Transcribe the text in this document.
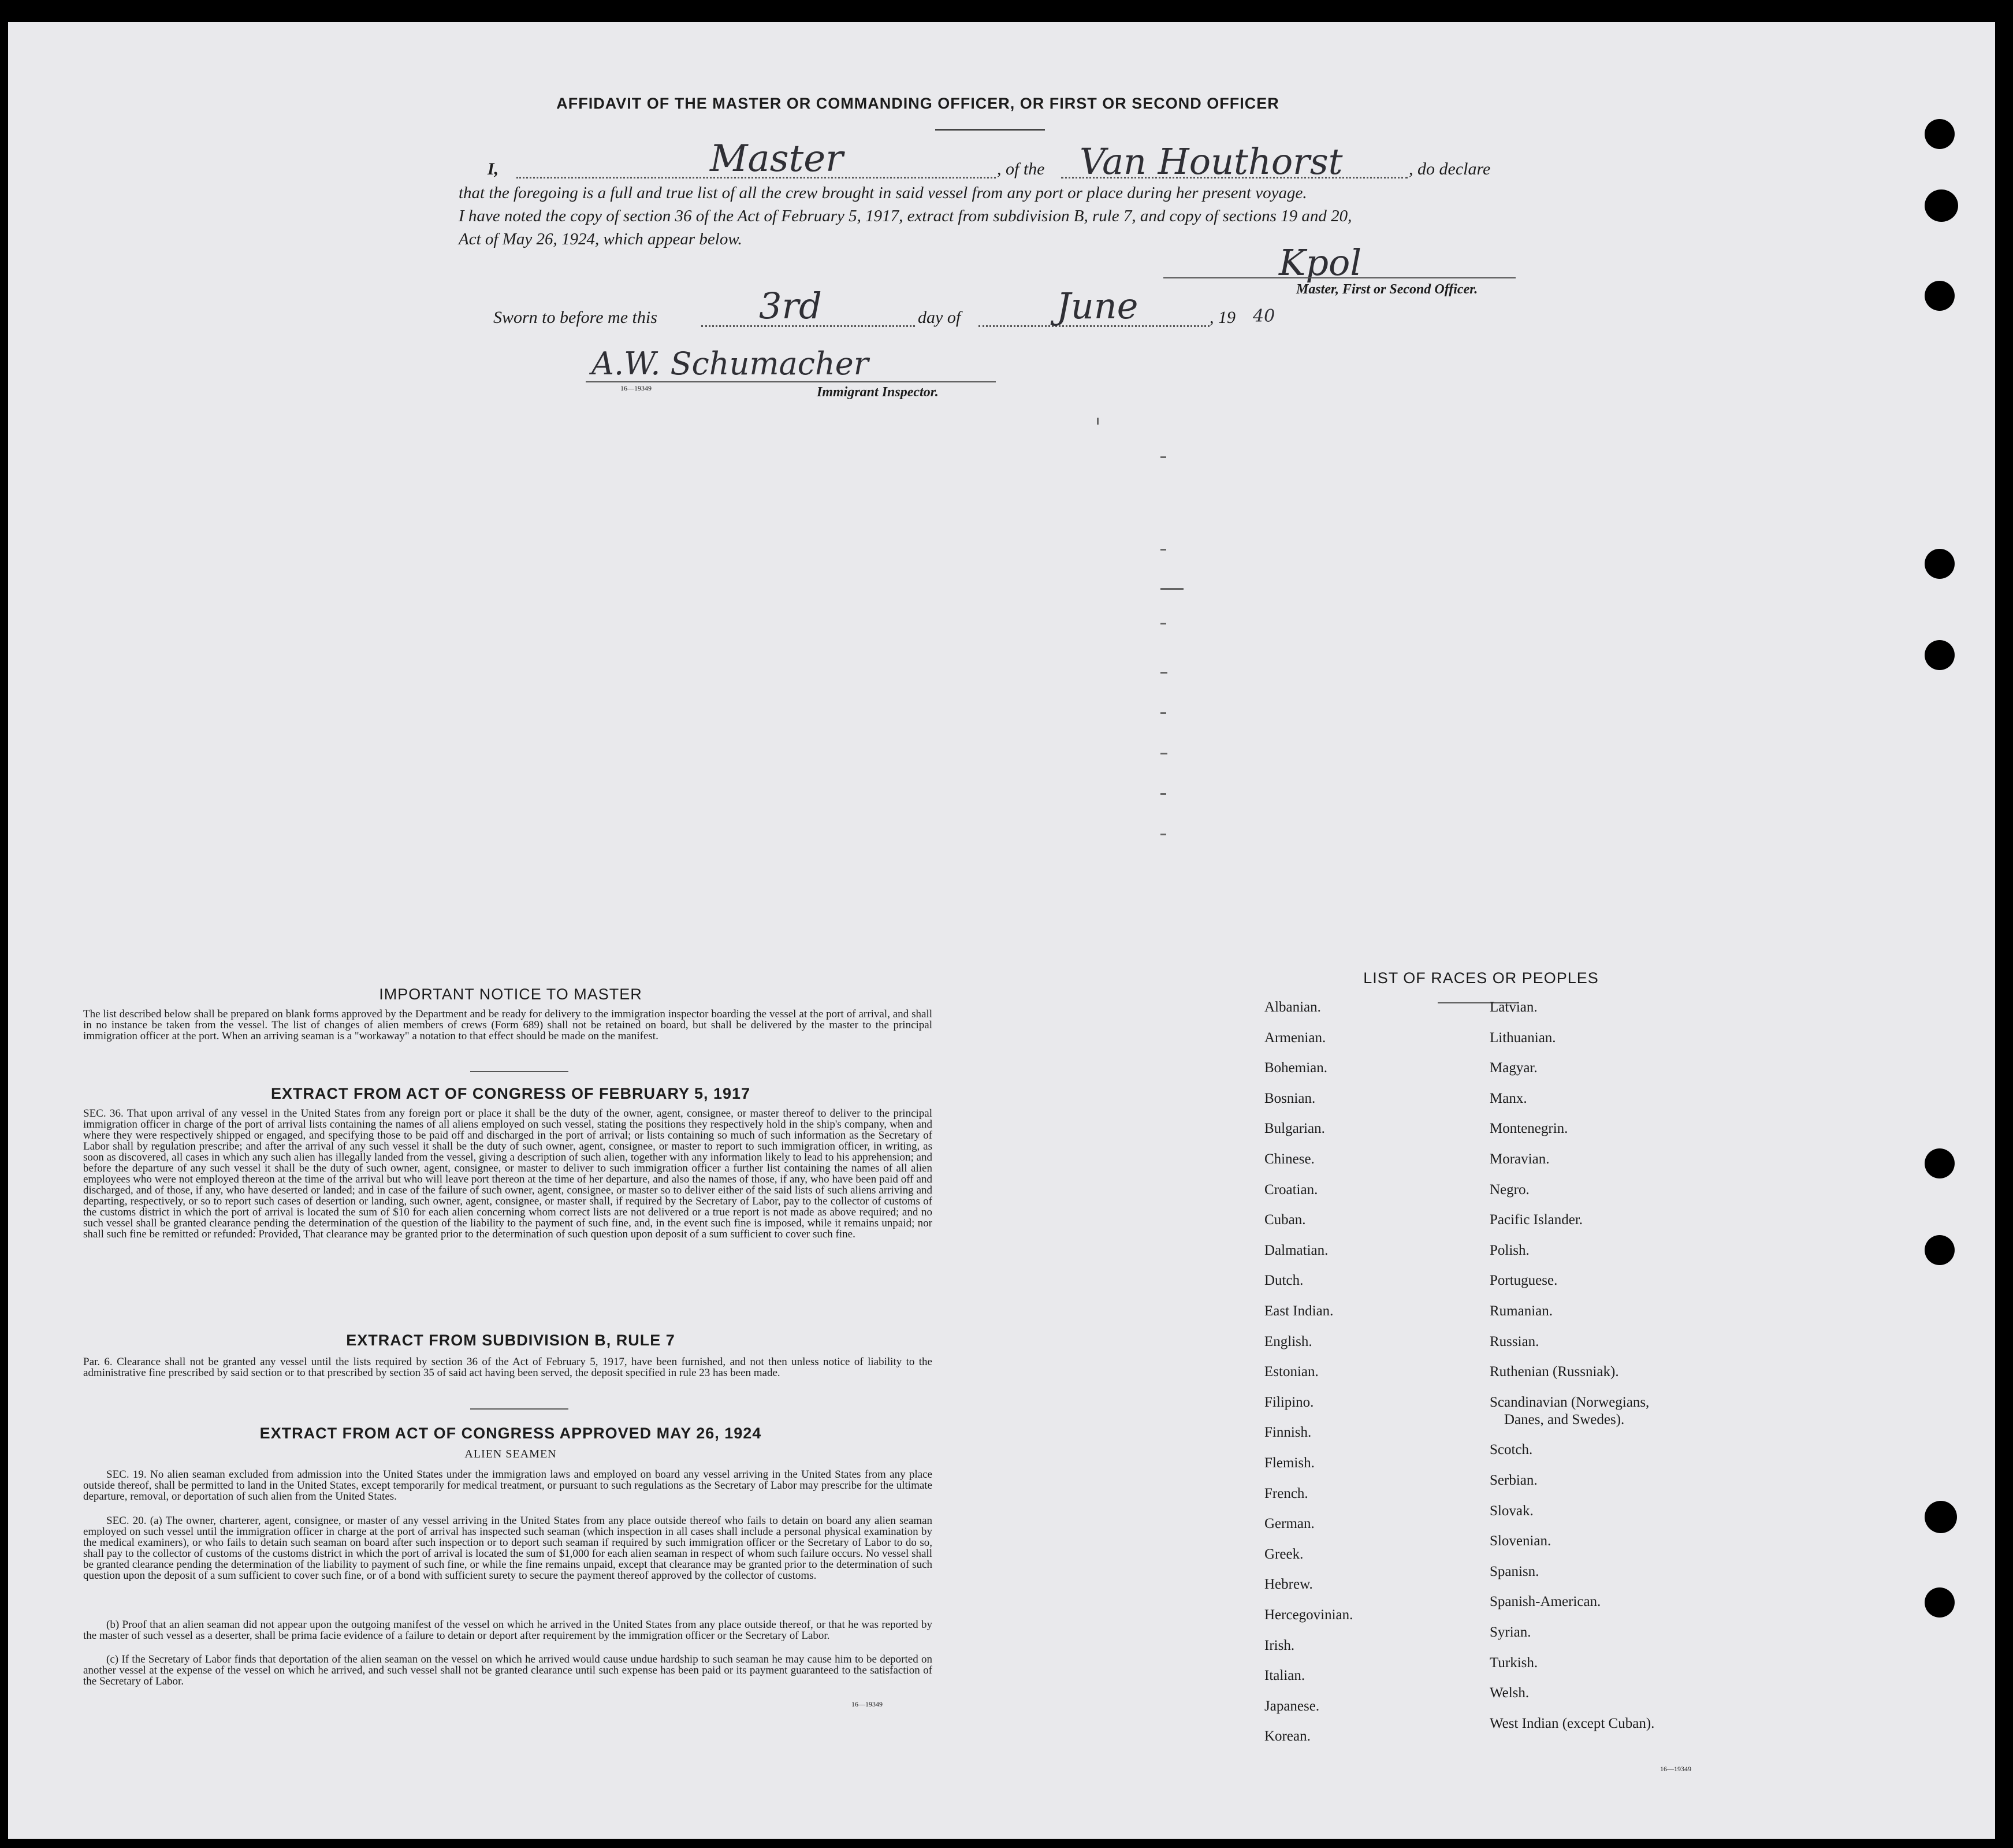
AFFIDAVIT OF THE MASTER OR COMMANDING OFFICER, OR FIRST OR SECOND OFFICER
I,	Master	, of the Van Houthorst	, do declare
that the foregoing is a full and true list of all the crew brought in said vessel from any port or place during her present voyage.
I have noted the copy of section 36 of the Act of February 5, 1917, extract from subdivision B, rule 7, and copy of sections 19 and 20,
Act of May 26, 1924, which appear below.
Kpol
Master, First or Second Officer.
Sworn to before me this	3rd	day of	June	, 19 40
A.W. Schumacher
16—19349	Immigrant Inspector.
IMPORTANT NOTICE TO MASTER
The list described below shall be prepared on blank forms approved by the Department and be ready for delivery to the immigration inspector boarding the vessel at the port of arrival, and shall in no instance be taken from the vessel. The list of changes of alien members of crews (Form 689) shall not be retained on board, but shall be delivered by the master to the principal immigration officer at the port. When an arriving seaman is a "workaway" a notation to that effect should be made on the manifest.
EXTRACT FROM ACT OF CONGRESS OF FEBRUARY 5, 1917
SEC. 36. That upon arrival of any vessel in the United States from any foreign port or place it shall be the duty of the owner, agent, consignee, or master thereof to deliver to the principal immigration officer in charge of the port of arrival lists containing the names of all aliens employed on such vessel, stating the positions they respectively hold in the ship's company, when and where they were respectively shipped or engaged, and specifying those to be paid off and discharged in the port of arrival; or lists containing so much of such information as the Secretary of Labor shall by regulation prescribe; and after the arrival of any such vessel it shall be the duty of such owner, agent, consignee, or master to report to such immigration officer, in writing, as soon as discovered, all cases in which any such alien has illegally landed from the vessel, giving a description of such alien, together with any information likely to lead to his apprehension; and before the departure of any such vessel it shall be the duty of such owner, agent, consignee, or master to deliver to such immigration officer a further list containing the names of all alien employees who were not employed thereon at the time of the arrival but who will leave port thereon at the time of her departure, and also the names of those, if any, who have been paid off and discharged, and of those, if any, who have deserted or landed; and in case of the failure of such owner, agent, consignee, or master so to deliver either of the said lists of such aliens arriving and departing, respectively, or so to report such cases of desertion or landing, such owner, agent, consignee, or master shall, if required by the Secretary of Labor, pay to the collector of customs of the customs district in which the port of arrival is located the sum of $10 for each alien concerning whom correct lists are not delivered or a true report is not made as above required; and no such vessel shall be granted clearance pending the determination of the question of the liability to the payment of such fine, and, in the event such fine is imposed, while it remains unpaid; nor shall such fine be remitted or refunded: Provided, That clearance may be granted prior to the determination of such question upon deposit of a sum sufficient to cover such fine.
EXTRACT FROM SUBDIVISION B, RULE 7
Par. 6. Clearance shall not be granted any vessel until the lists required by section 36 of the Act of February 5, 1917, have been furnished, and not then unless notice of liability to the administrative fine prescribed by said section or to that prescribed by section 35 of said act having been served, the deposit specified in rule 23 has been made.
EXTRACT FROM ACT OF CONGRESS APPROVED MAY 26, 1924
ALIEN SEAMEN
SEC. 19. No alien seaman excluded from admission into the United States under the immigration laws and employed on board any vessel arriving in the United States from any place outside thereof, shall be permitted to land in the United States, except temporarily for medical treatment, or pursuant to such regulations as the Secretary of Labor may prescribe for the ultimate departure, removal, or deportation of such alien from the United States.
SEC. 20. (a) The owner, charterer, agent, consignee, or master of any vessel arriving in the United States from any place outside thereof who fails to detain on board any alien seaman employed on such vessel until the immigration officer in charge at the port of arrival has inspected such seaman (which inspection in all cases shall include a personal physical examination by the medical examiners), or who fails to detain such seaman on board after such inspection or to deport such seaman if required by such immigration officer or the Secretary of Labor to do so, shall pay to the collector of customs of the customs district in which the port of arrival is located the sum of $1,000 for each alien seaman in respect of whom such failure occurs. No vessel shall be granted clearance pending the determination of the liability to payment of such fine, or while the fine remains unpaid, except that clearance may be granted prior to the determination of such question upon the deposit of a sum sufficient to cover such fine, or of a bond with sufficient surety to secure the payment thereof approved by the collector of customs.
(b) Proof that an alien seaman did not appear upon the outgoing manifest of the vessel on which he arrived in the United States from any place outside thereof, or that he was reported by the master of such vessel as a deserter, shall be prima facie evidence of a failure to detain or deport after requirement by the immigration officer or the Secretary of Labor.
(c) If the Secretary of Labor finds that deportation of the alien seaman on the vessel on which he arrived would cause undue hardship to such seaman he may cause him to be deported on another vessel at the expense of the vessel on which he arrived, and such vessel shall not be granted clearance until such expense has been paid or its payment guaranteed to the satisfaction of the Secretary of Labor.
16—19349
LIST OF RACES OR PEOPLES
16—19349
Albanian.
Armenian.
Bohemian.
Bosnian.
Bulgarian.
Chinese.
Croatian.
Cuban.
Dalmatian.
Dutch.
East Indian.
English.
Estonian.
Filipino.
Finnish.
Flemish.
French.
German.
Greek.
Hebrew.
Hercegovinian.
Irish.
Italian.
Japanese.
Korean.
Latvian.
Lithuanian.
Magyar.
Manx.
Montenegrin.
Moravian.
Negro.
Pacific Islander.
Polish.
Portuguese.
Rumanian.
Russian.
Ruthenian (Russniak).
Scandinavian (Norwegians,
Danes, and Swedes).
Scotch.
Serbian.
Slovak.
Slovenian.
Spanisn.
Spanish-American.
Syrian.
Turkish.
Welsh.
West Indian (except Cuban).
